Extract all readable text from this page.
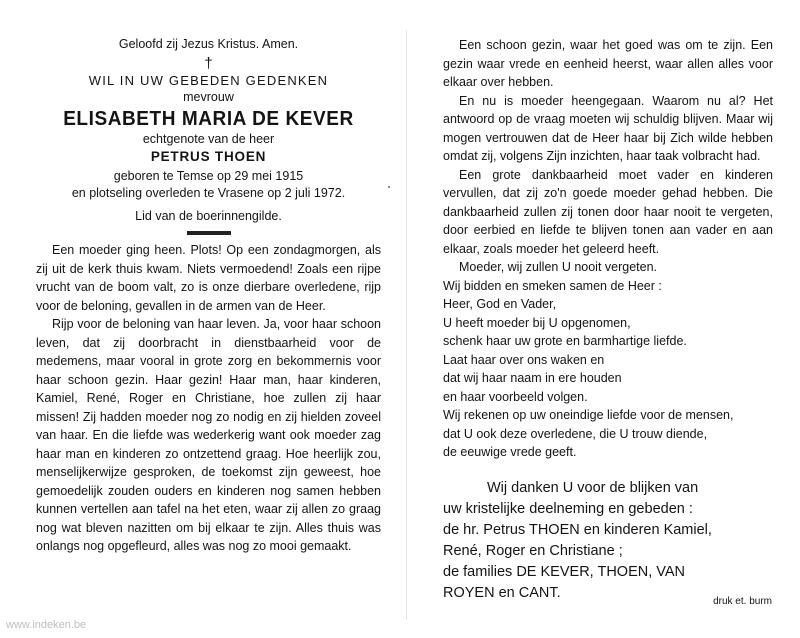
Geloofd zij Jezus Kristus. Amen.
†
WIL IN UW GEBEDEN GEDENKEN
mevrouw
ELISABETH MARIA DE KEVER
echtgenote van de heer
PETRUS THOEN
geboren te Temse op 29 mei 1915
en plotseling overleden te Vrasene op 2 juli 1972.
Lid van de boerinnengilde.

Een moeder ging heen. Plots! Op een zondagmorgen, als zij uit de kerk thuis kwam. Niets vermoedend! Zoals een rijpe vrucht van de boom valt, zo is onze dierbare overledene, rijp voor de beloning, gevallen in de armen van de Heer.

Rijp voor de beloning van haar leven. Ja, voor haar schoon leven, dat zij doorbracht in dienstbaarheid voor de medemens, maar vooral in grote zorg en bekommernis voor haar schoon gezin. Haar gezin! Haar man, haar kinderen, Kamiel, René, Roger en Christiane, hoe zullen zij haar missen! Zij hadden moeder nog zo nodig en zij hielden zoveel van haar. En die liefde was wederkerig want ook moeder zag haar man en kinderen zo ontzettend graag. Hoe heerlijk zou, menselijkerwijze gesproken, de toekomst zijn geweest, hoe gemoedelijk zouden ouders en kinderen nog samen hebben kunnen vertellen aan tafel na het eten, waar zij allen zo graag nog wat bleven nazitten om bij elkaar te zijn. Alles thuis was onlangs nog opgefleurd, alles was nog zo mooi gemaakt.

Een schoon gezin, waar het goed was om te zijn. Een gezin waar vrede en eenheid heerst, waar allen alles voor elkaar over hebben.

En nu is moeder heengegaan. Waarom nu al? Het antwoord op de vraag moeten wij schuldig blijven. Maar wij mogen vertrouwen dat de Heer haar bij Zich wilde hebben omdat zij, volgens Zijn inzichten, haar taak volbracht had.

Een grote dankbaarheid moet vader en kinderen vervullen, dat zij zo'n goede moeder gehad hebben. Die dankbaarheid zullen zij tonen door haar nooit te vergeten, door eerbied en liefde te blijven tonen aan vader en aan elkaar, zoals moeder het geleerd heeft.

Moeder, wij zullen U nooit vergeten.

Wij bidden en smeken samen de Heer :
Heer, God en Vader,
U heeft moeder bij U opgenomen,
schenk haar uw grote en barmhartige liefde.
Laat haar over ons waken en
dat wij haar naam in ere houden
en haar voorbeeld volgen.
Wij rekenen op uw oneindige liefde voor de mensen,
dat U ook deze overledene, die U trouw diende,
de eeuwige vrede geeft.
Wij danken U voor de blijken van
uw kristelijke deelneming en gebeden :
de hr. Petrus THOEN en kinderen Kamiel,
René, Roger en Christiane ;
de families DE KEVER, THOEN, VAN
ROYEN en CANT.
druk et. burm
www.indeken.be
